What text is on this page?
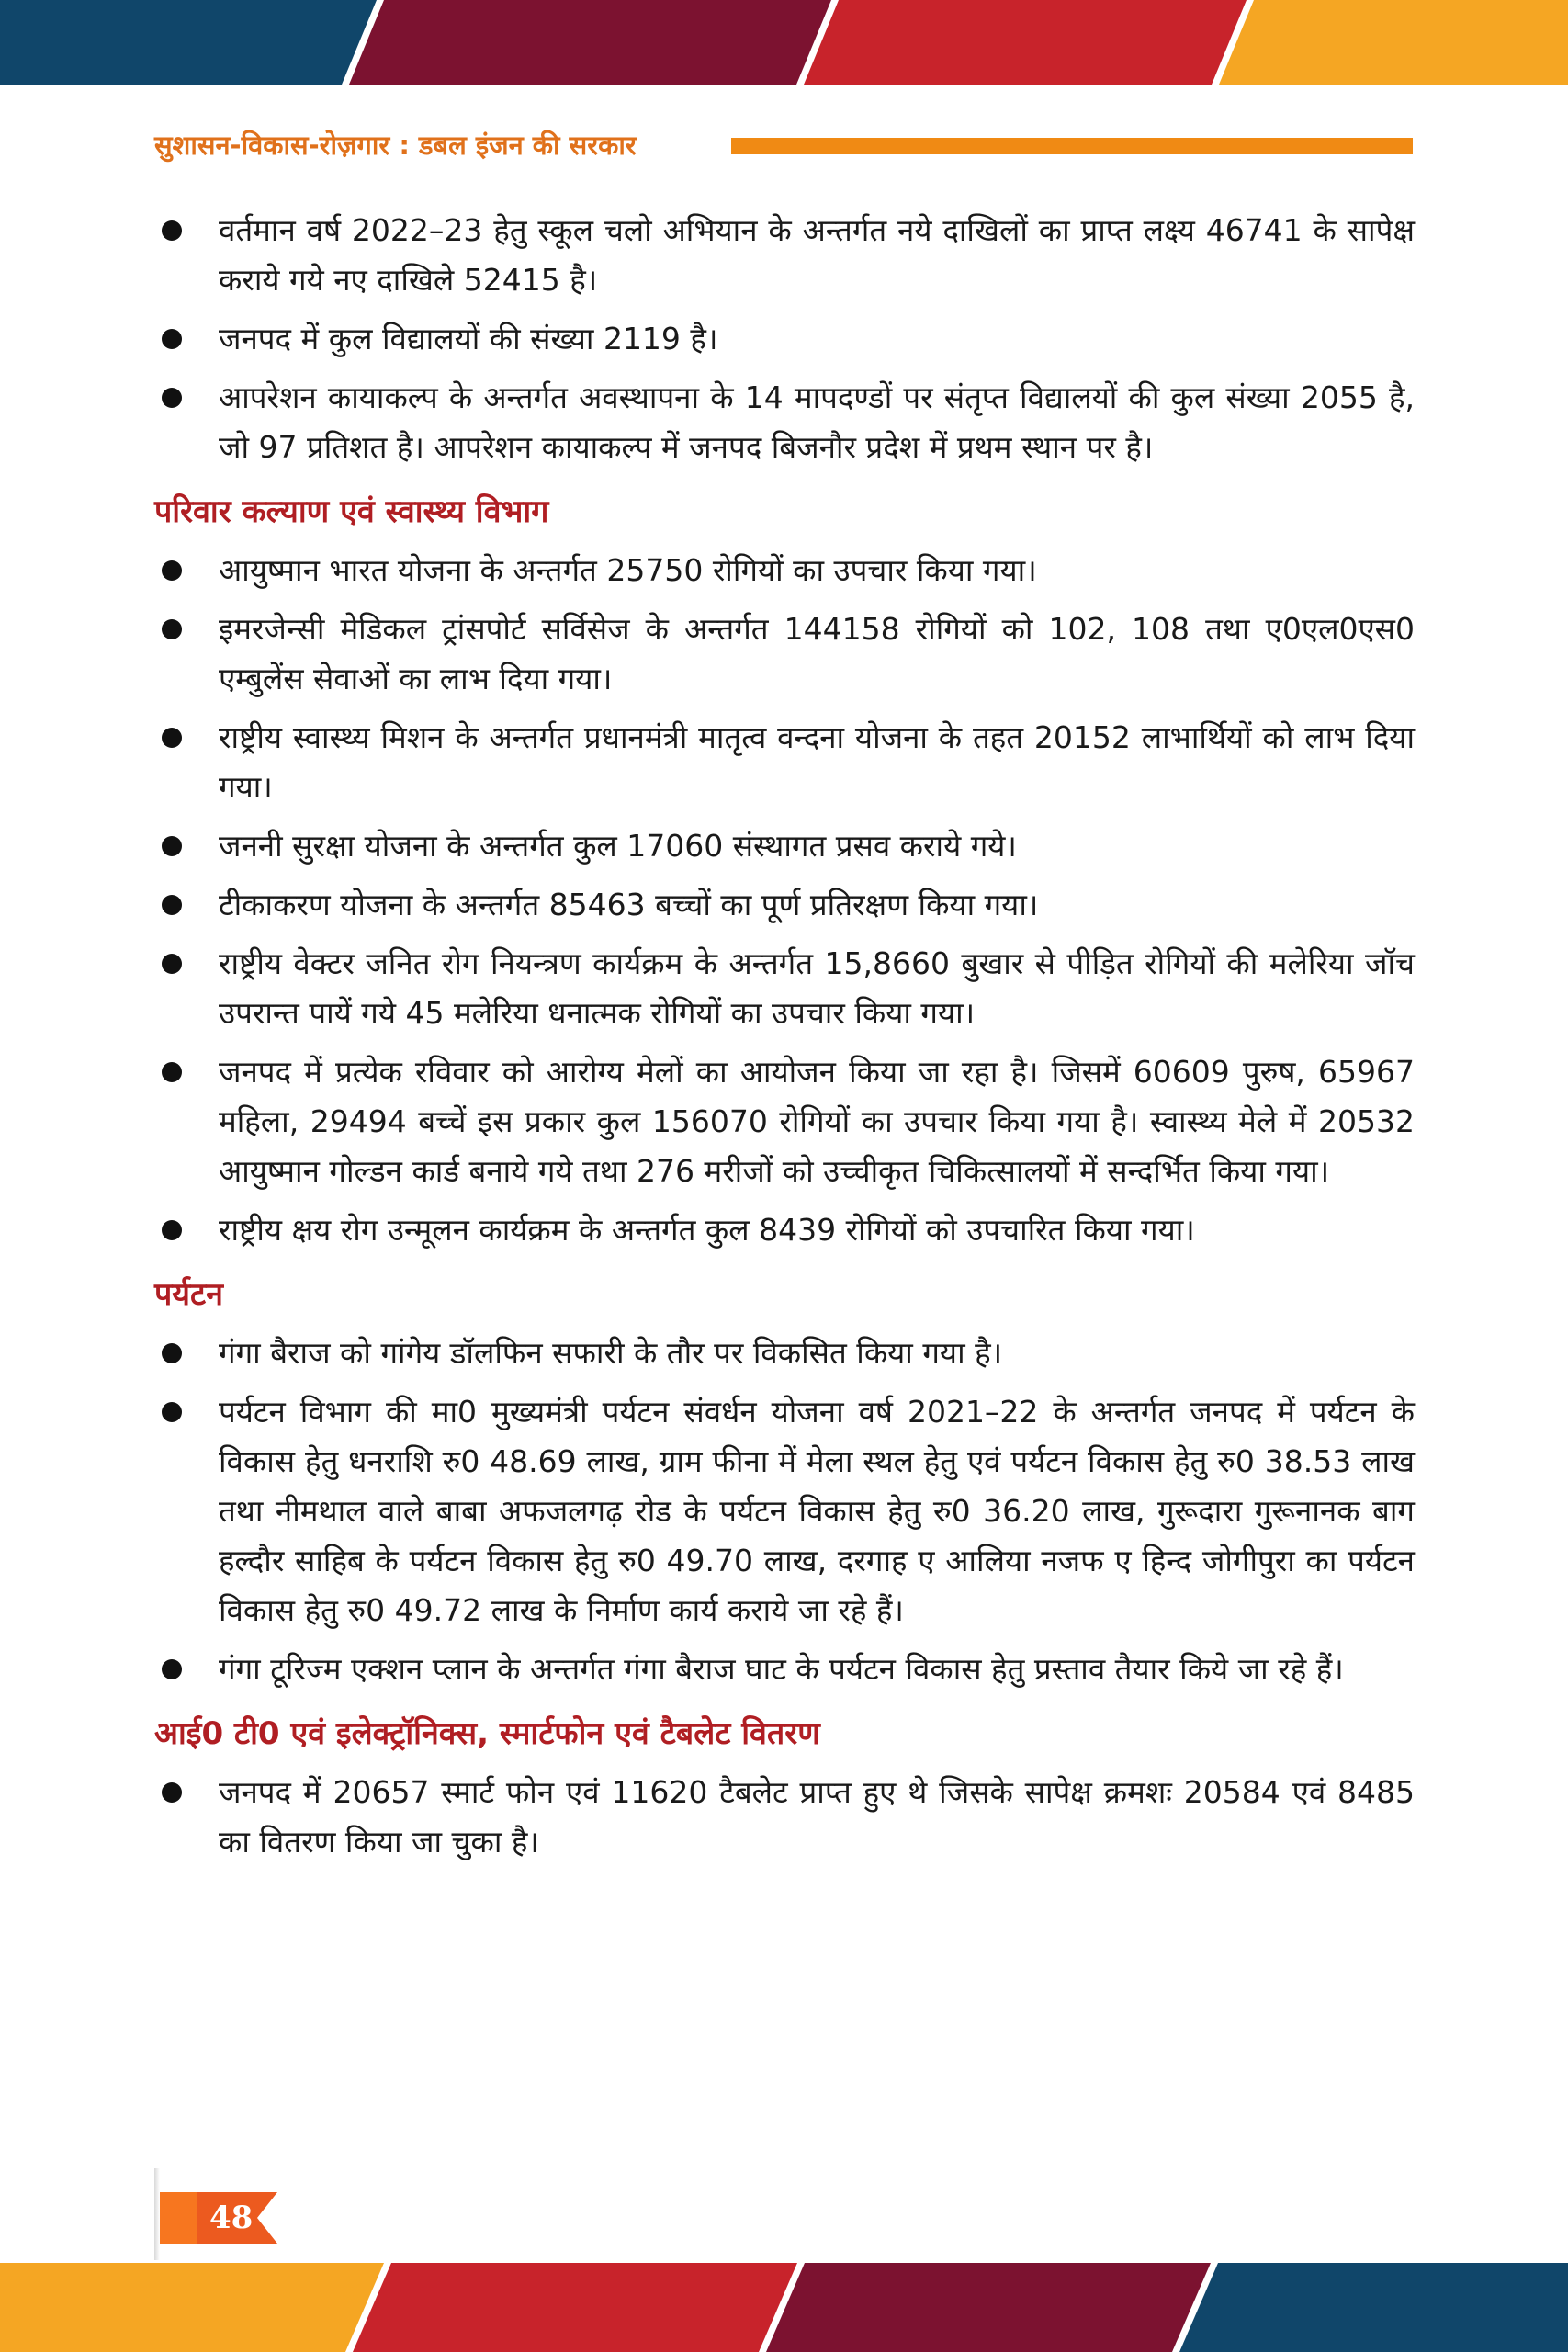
सुशासन-विकास-रोज़गार : डबल इंजन की सरकार
वर्तमान वर्ष 2022–23 हेतु स्कूल चलो अभियान के अन्तर्गत नये दाखिलों का प्राप्त लक्ष्य 46741 के सापेक्ष कराये गये नए दाखिले 52415 है।
जनपद में कुल विद्यालयों की संख्या 2119 है।
आपरेशन कायाकल्प के अन्तर्गत अवस्थापना के 14 मापदण्डों पर संतृप्त विद्यालयों की कुल संख्या 2055 है, जो 97 प्रतिशत है। आपरेशन कायाकल्प में जनपद बिजनौर प्रदेश में प्रथम स्थान पर है।
परिवार कल्याण एवं स्वास्थ्य विभाग
आयुष्मान भारत योजना के अन्तर्गत 25750 रोगियों का उपचार किया गया।
इमरजेन्सी मेडिकल ट्रांसपोर्ट सर्विसेज के अन्तर्गत 144158 रोगियों को 102, 108 तथा ए0एल0एस0 एम्बुलेंस सेवाओं का लाभ दिया गया।
राष्ट्रीय स्वास्थ्य मिशन के अन्तर्गत प्रधानमंत्री मातृत्व वन्दना योजना के तहत 20152 लाभार्थियों को लाभ दिया गया।
जननी सुरक्षा योजना के अन्तर्गत कुल 17060 संस्थागत प्रसव कराये गये।
टीकाकरण योजना के अन्तर्गत 85463 बच्चों का पूर्ण प्रतिरक्षण किया गया।
राष्ट्रीय वेक्टर जनित रोग नियन्त्रण कार्यक्रम के अन्तर्गत 15,8660 बुखार से पीड़ित रोगियों की मलेरिया जॉच उपरान्त पायें गये 45 मलेरिया धनात्मक रोगियों का उपचार किया गया।
जनपद में प्रत्येक रविवार को आरोग्य मेलों का आयोजन किया जा रहा है। जिसमें 60609 पुरुष, 65967 महिला, 29494 बच्चें इस प्रकार कुल 156070 रोगियों का उपचार किया गया है। स्वास्थ्य मेले में 20532 आयुष्मान गोल्डन कार्ड बनाये गये तथा 276 मरीजों को उच्चीकृत चिकित्सालयों में सन्दर्भित किया गया।
राष्ट्रीय क्षय रोग उन्मूलन कार्यक्रम के अन्तर्गत कुल 8439 रोगियों को उपचारित किया गया।
पर्यटन
गंगा बैराज को गांगेय डॉलफिन सफारी के तौर पर विकसित किया गया है।
पर्यटन विभाग की मा0 मुख्यमंत्री पर्यटन संवर्धन योजना वर्ष 2021–22 के अन्तर्गत जनपद में पर्यटन के विकास हेतु धनराशि रु0 48.69 लाख, ग्राम फीना में मेला स्थल हेतु एवं पर्यटन विकास हेतु रु0 38.53 लाख तथा नीमथाल वाले बाबा अफजलगढ़ रोड के पर्यटन विकास हेतु रु0 36.20 लाख, गुरूदारा गुरूनानक बाग हल्दौर साहिब के पर्यटन विकास हेतु रु0 49.70 लाख, दरगाह ए आलिया नजफ ए हिन्द जोगीपुरा का पर्यटन विकास हेतु रु0 49.72 लाख के निर्माण कार्य कराये जा रहे हैं।
गंगा टूरिज्म एक्शन प्लान के अन्तर्गत गंगा बैराज घाट के पर्यटन विकास हेतु प्रस्ताव तैयार किये जा रहे हैं।
आई0 टी0 एवं इलेक्ट्रॉनिक्स, स्मार्टफोन एवं टैबलेट वितरण
जनपद में 20657 स्मार्ट फोन एवं 11620 टैबलेट प्राप्त हुए थे जिसके सापेक्ष क्रमशः 20584 एवं 8485 का वितरण किया जा चुका है।
48
